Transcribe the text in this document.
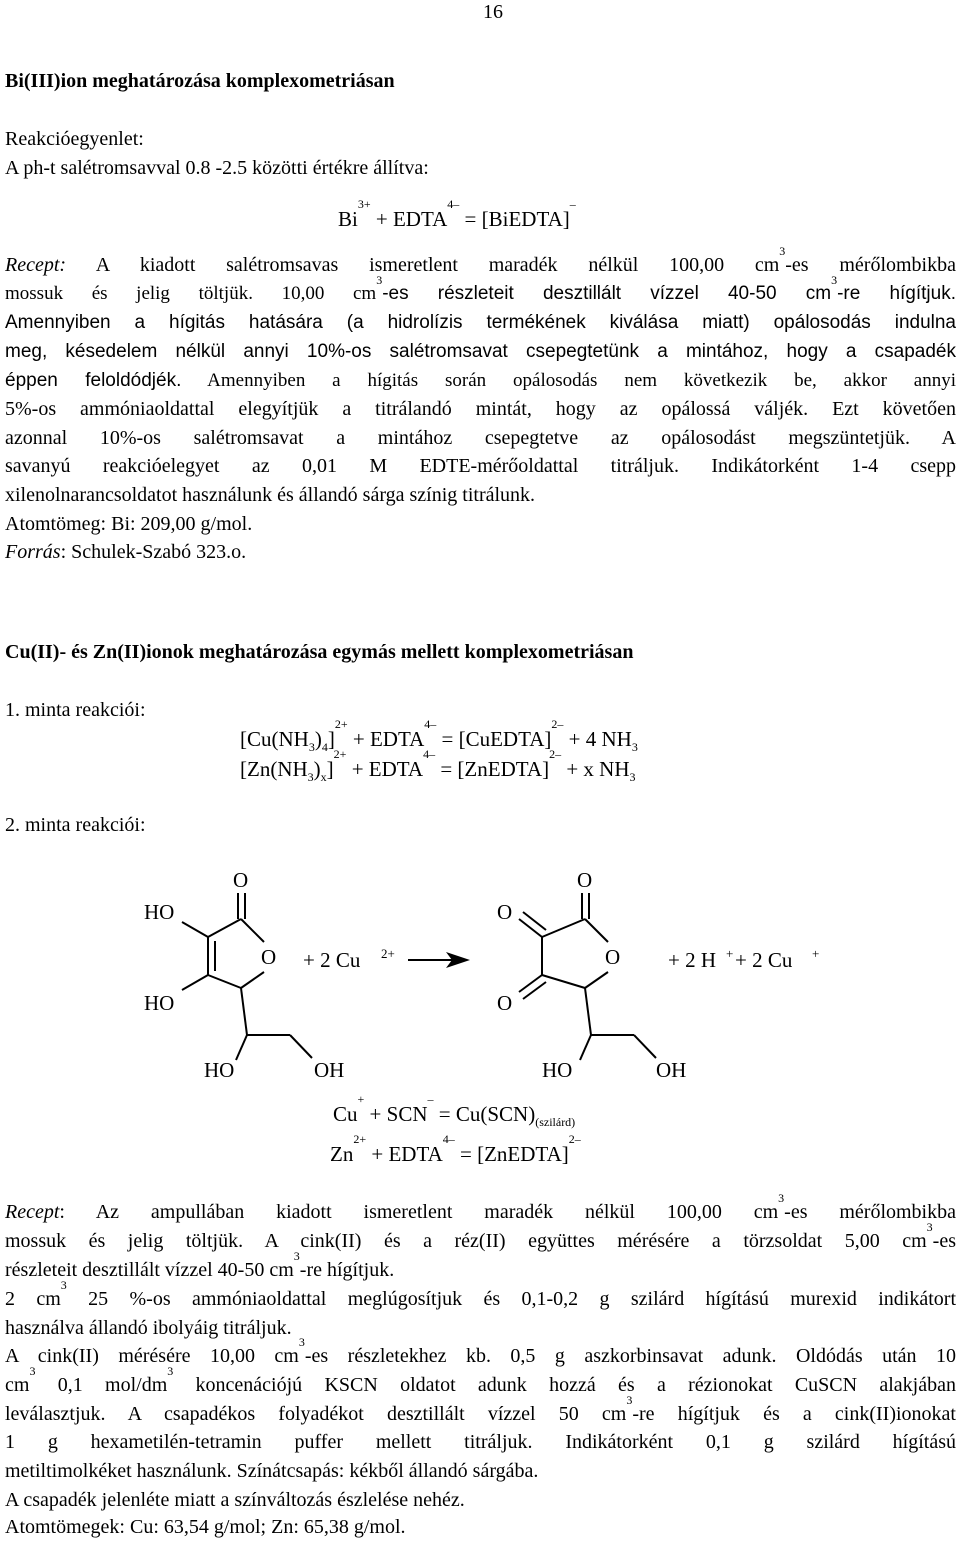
16
Bi(III)ion meghatározása komplexometriásan
Reakcióegyenlet:
A ph-t salétromsavval 0.8 -2.5 közötti értékre állítva:
$Bi^{3+}$ + $EDTA^{4-}$ = [BiEDTA]–
Recept: A kiadott salétromsavas ismeretlent maradék nélkül 100,00 $cm^3-es$ mérőlombikba
mossuk és jelig töltjük. 10,00 $cm^3-es$ részleteit desztillált vízzel 40-50 $cm^3-re$ hígítjuk.
Amennyiben a hígitás hatására (a hidrolízis termékének kiválása miatt) opálosodás indulna
meg, késedelem nélkül annyi 10%-os salétromsavat csepegtetünk a mintához, hogy a csapadék
éppen feloldódjék. Amennyiben a hígitás során opálosodás nem következik be, akkor annyi
5%-os ammóniaoldattal elegyítjük a titrálandó mintát, hogy az opálossá váljék. Ezt követően
azonnal 10%-os salétromsavat a mintához csepegtetve az opálosodást megszüntetjük. A
savanyú reakcióelegyet az 0,01 M EDTE-mérőoldattal titráljuk. Indikátorként 1-4 csepp
xilenolnarancsoldatot használunk és állandó sárga színig titrálunk.
Atomtömeg: Bi: 209,00 g/mol.
Forrás: Schulek-Szabó 323.o.
Cu(II)- és Zn(II)ionok meghatározása egymás mellett komplexometriásan
1. minta reakciói:
$[Cu(NH_3)_4]^{2+}$ + $EDTA^{4-}$ = [CuEDTA]$^{2-}$ + 4 $NH_3$
$[Zn(NH_3)_x]^{2+}$ + $EDTA^{4-}$ = [ZnEDTA]$^{2-}$ + x $NH_3$
2. minta reakciói:
HO
HO
O
O
HO	OH
+ 2 Cu 2+
O
O
O
O
HO	OH
+ 2 H + + 2 Cu +
$Cu^+ + SCN^- = Cu(SCN)_{(szilárd)}$
$Zn^{2+}$ + $EDTA^{4-}$ = [ZnEDTA]$^{2-}$
Recept: Az ampullában kiadott ismeretlent maradék nélkül 100,00 $cm^3-es$ mérőlombikba
mossuk és jelig töltjük. A cink(II) és a réz(II) együttes mérésére a törzsoldat 5,00 $cm^3-es$
részleteit desztillált vízzel 40-50 $cm^3-re$ hígítjuk.
2 $cm^3$ 25 %-os ammóniaoldattal meglúgosítjuk és 0,1-0,2 g szilárd hígítású murexid indikátort
használva állandó ibolyáig titráljuk.
A cink(II) mérésére 10,00 $cm^3-es$ részletekhez kb. 0,5 g aszkorbinsavat adunk. Oldódás után 10
$cm^3$ 0,1 mol/$dm^3$ koncenációjú KSCN oldatot adunk hozzá és a rézionokat CuSCN alakjában
leválasztjuk. A csapadékos folyadékot desztillált vízzel 50 $cm^3-re$ hígítjuk és a cink(II)ionokat
1 g hexametilén-tetramin puffer mellett titráljuk. Indikátorként 0,1 g szilárd hígítású
metiltimolkéket használunk. Színátcsapás: kékből állandó sárgába.
A csapadék jelenléte miatt a színváltozás észlelése nehéz.
Atomtömegek: Cu: 63,54 g/mol; Zn: 65,38 g/mol.
